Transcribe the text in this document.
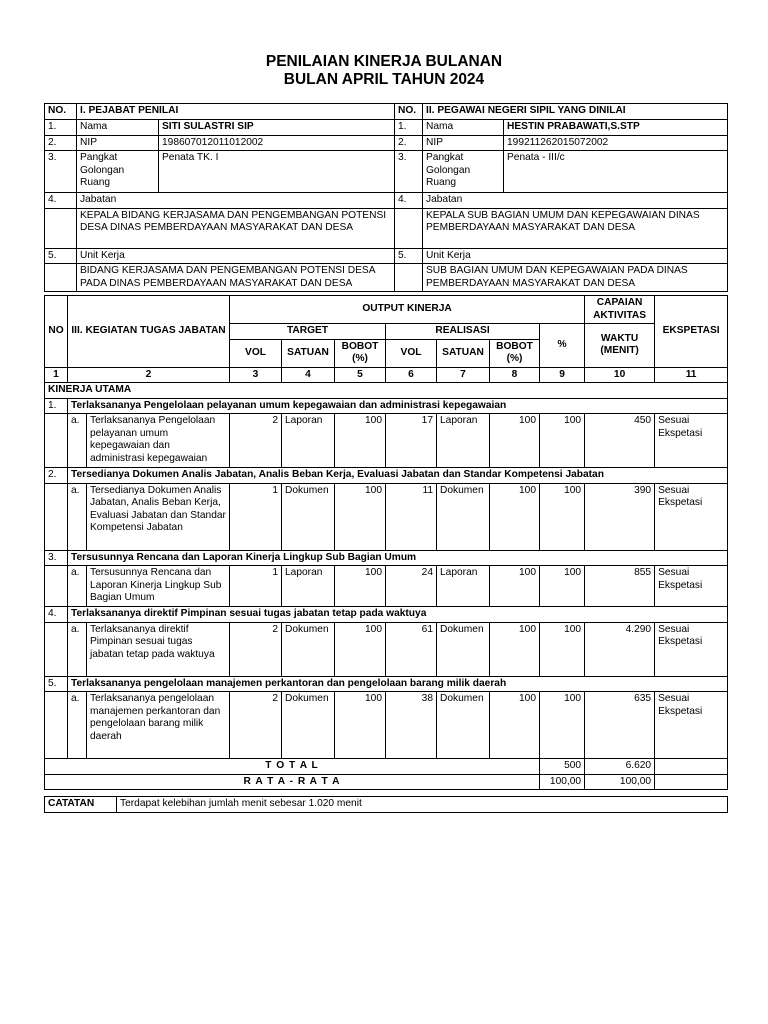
PENILAIAN KINERJA BULANAN
BULAN APRIL TAHUN 2024
NO.	I. PEJABAT PENILAI		NO.	II. PEGAWAI NEGERI SIPIL YANG DINILAI	
1.	Nama	SITI SULASTRI SIP	1.	Nama	HESTIN PRABAWATI,S.STP
2.	NIP	198607012011012002	2.	NIP	199211262015072002
3.	Pangkat Golongan Ruang	Penata TK. I	3.	Pangkat Golongan Ruang	Penata - III/c
4.	Jabatan		4.	Jabatan	
	KEPALA BIDANG KERJASAMA DAN PENGEMBANGAN POTENSI DESA DINAS PEMBERDAYAAN MASYARAKAT DAN DESA			KEPALA SUB BAGIAN UMUM DAN KEPEGAWAIAN DINAS PEMBERDAYAAN MASYARAKAT DAN DESA	
5.	Unit Kerja		5.	Unit Kerja	
	BIDANG KERJASAMA DAN PENGEMBANGAN POTENSI DESA PADA DINAS PEMBERDAYAAN MASYARAKAT DAN DESA			SUB BAGIAN UMUM DAN KEPEGAWAIAN PADA DINAS PEMBERDAYAAN MASYARAKAT DAN DESA	
NO	III. KEGIATAN TUGAS JABATAN		OUTPUT KINERJA							CAPAIAN AKTIVITAS	EKSPETASI
			TARGET			REALISASI			%	WAKTU (MENIT)	
			VOL	SATUAN	BOBOT (%)	VOL	SATUAN	BOBOT (%)			
1	2		3	4	5	6	7	8	9	10	11
KINERJA UTAMA											
1.	Terlaksananya Pengelolaan pelayanan umum kepegawaian dan administrasi kepegawaian										
	a.	Terlaksananya Pengelolaan pelayanan umum kepegawaian dan administrasi kepegawaian	2	Laporan	100	17	Laporan	100	100	450	Sesuai Ekspetasi
2.	Tersedianya Dokumen Analis Jabatan, Analis Beban Kerja, Evaluasi Jabatan dan Standar Kompetensi Jabatan										
	a.	Tersedianya Dokumen Analis Jabatan, Analis Beban Kerja, Evaluasi Jabatan dan Standar Kompetensi Jabatan	1	Dokumen	100	11	Dokumen	100	100	390	Sesuai Ekspetasi
3.	Tersusunnya Rencana dan Laporan Kinerja Lingkup Sub Bagian Umum										
	a.	Tersusunnya Rencana dan Laporan Kinerja Lingkup Sub Bagian Umum	1	Laporan	100	24	Laporan	100	100	855	Sesuai Ekspetasi
4.	Terlaksananya direktif Pimpinan sesuai tugas jabatan tetap pada waktuya										
	a.	Terlaksananya direktif Pimpinan sesuai tugas jabatan tetap pada waktuya	2	Dokumen	100	61	Dokumen	100	100	4.290	Sesuai Ekspetasi
5.	Terlaksananya pengelolaan manajemen perkantoran dan pengelolaan barang milik daerah										
	a.	Terlaksananya pengelolaan manajemen perkantoran dan pengelolaan barang milik daerah	2	Dokumen	100	38	Dokumen	100	100	635	Sesuai Ekspetasi
T O T A L									500	6.620	
R A T A - R A T A									100,00	100,00	
CATATAN	Terdapat kelebihan jumlah menit sebesar 1.020 menit
